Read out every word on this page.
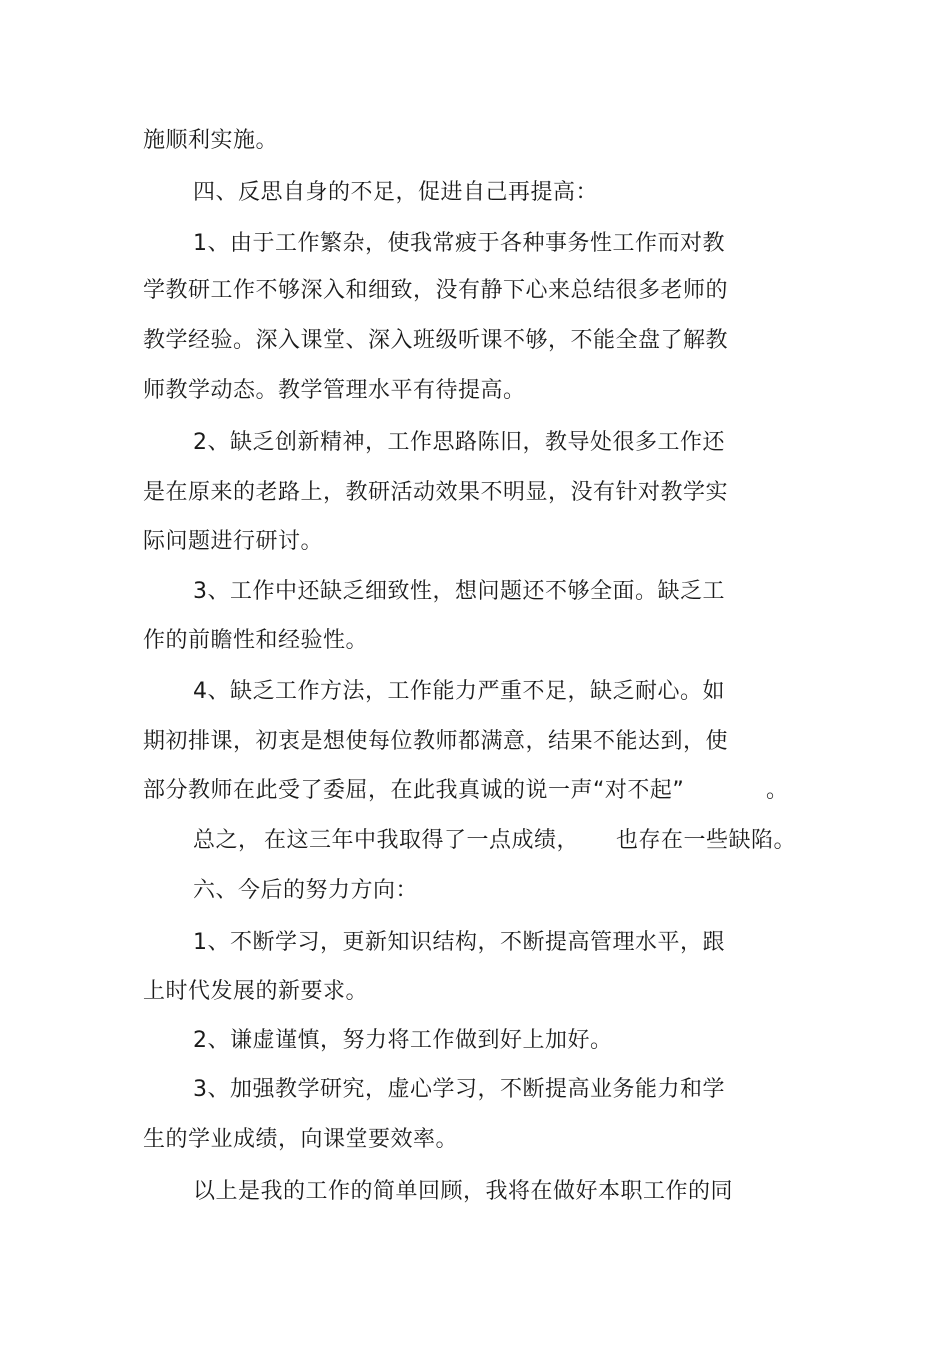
施顺利实施。
四、反思自身的不足，促进自己再提高：
1、由于工作繁杂，使我常疲于各种事务性工作而对教
学教研工作不够深入和细致，没有静下心来总结很多老师的
教学经验。深入课堂、深入班级听课不够，不能全盘了解教
师教学动态。教学管理水平有待提高。
2、缺乏创新精神，工作思路陈旧，教导处很多工作还
是在原来的老路上，教研活动效果不明显，没有针对教学实
际问题进行研讨。
3、工作中还缺乏细致性，想问题还不够全面。缺乏工
作的前瞻性和经验性。
4、缺乏工作方法，工作能力严重不足，缺乏耐心。如
期初排课，初衷是想使每位教师都满意，结果不能达到，使
部分教师在此受了委屈，在此我真诚的说一声“对不起”	。
总之， 在这三年中我取得了一点成绩， 也存在一些缺陷。
六、今后的努力方向：
1、不断学习，更新知识结构，不断提高管理水平，跟
上时代发展的新要求。
2、谦虚谨慎，努力将工作做到好上加好。
3、加强教学研究，虚心学习，不断提高业务能力和学
生的学业成绩，向课堂要效率。
以上是我的工作的简单回顾，我将在做好本职工作的同
